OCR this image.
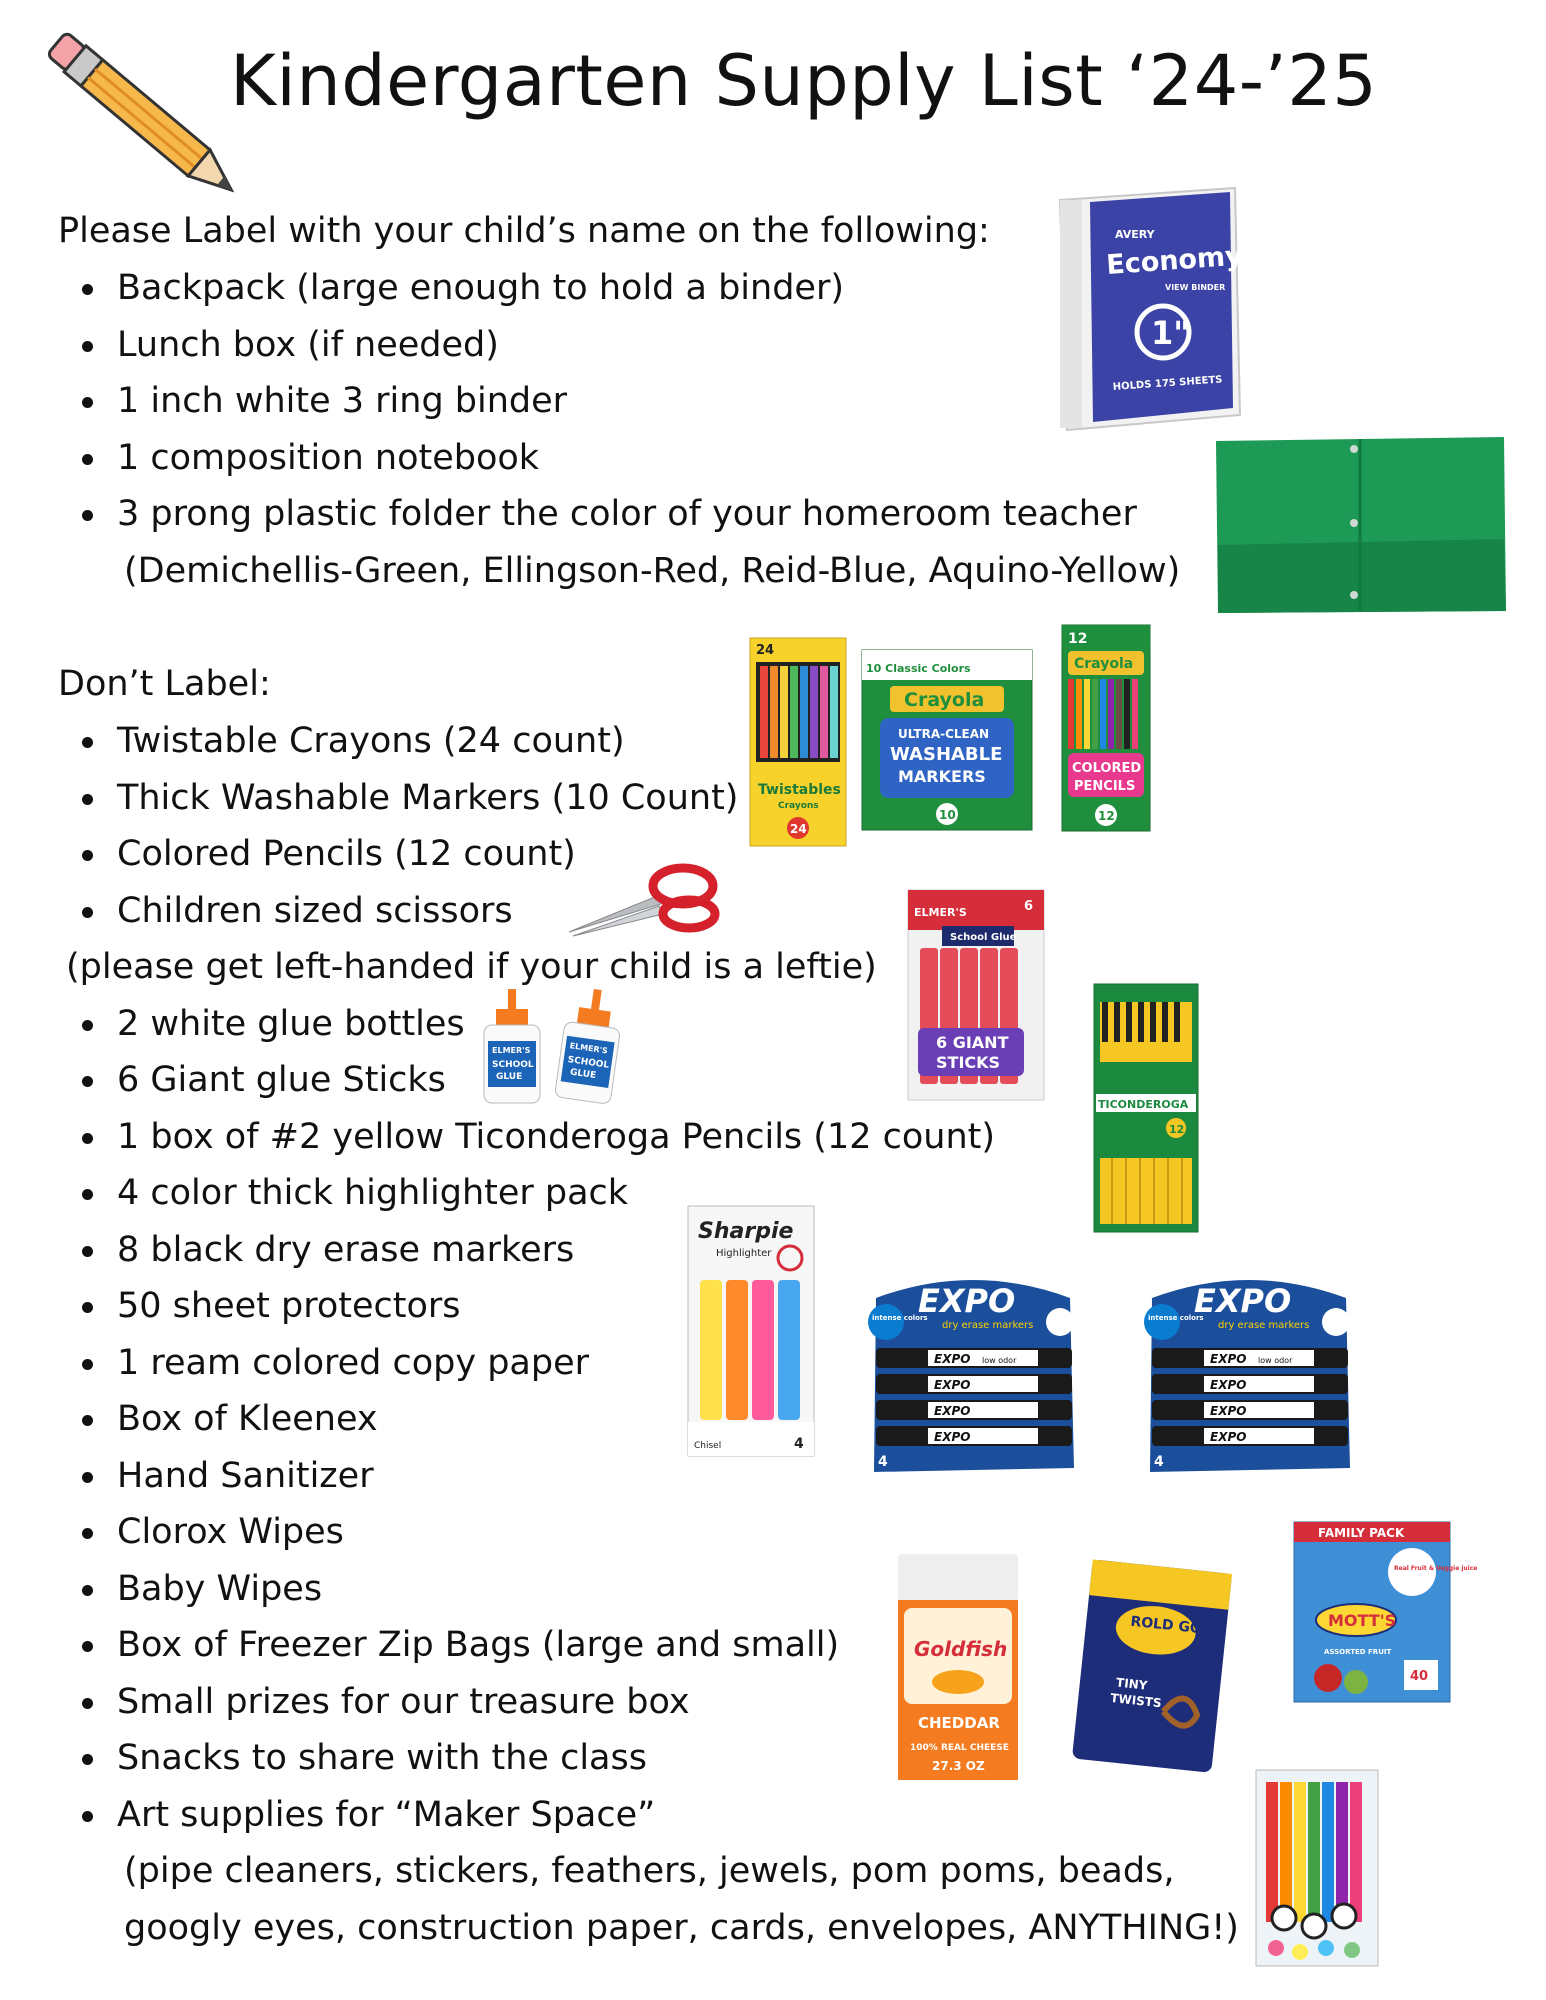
Kindergarten Supply List ‘24-’25
Please Label with your child’s name on the following:
Backpack (large enough to hold a binder)
Lunch box (if needed)
1 inch white 3 ring binder
1 composition notebook
3 prong plastic folder the color of your homeroom teacher
(Demichellis-Green, Ellingson-Red, Reid-Blue, Aquino-Yellow)
Don’t Label:
Twistable Crayons (24 count)
Thick Washable Markers (10 Count)
Colored Pencils (12 count)
Children sized scissors
(please get left-handed if your child is a leftie)
2 white glue bottles
6 Giant glue Sticks
1 box of #2 yellow Ticonderoga Pencils (12 count)
4 color thick highlighter pack
8 black dry erase markers
50 sheet protectors
1 ream colored copy paper
Box of Kleenex
Hand Sanitizer
Clorox Wipes
Baby Wipes
Box of Freezer Zip Bags (large and small)
Small prizes for our treasure box
Snacks to share with the class
Art supplies for “Maker Space”
(pipe cleaners, stickers, feathers, jewels, pom poms, beads,
googly eyes, construction paper, cards, envelopes, ANYTHING!)
AVERY
Economy
VIEW BINDER
1"
HOLDS 175 SHEETS
24
Twistables
Crayons
24
10 Classic Colors
Crayola
ULTRA-CLEAN
WASHABLE
MARKERS
10
12
Crayola
COLORED
PENCILS
12
ELMER'S	6
School Glue
6 GIANT
STICKS
ELMER'S
SCHOOL
GLUE
ELMER'S
SCHOOL
GLUE
TICONDEROGA
12
Sharpie
Highlighter
Chisel	4
EXPO
dry erase markers
intense colors
EXPO
EXPO
EXPO
EXPO
low odor
4
EXPO
dry erase markers
intense colors
EXPO
EXPO
EXPO
EXPO
low odor
4
Goldfish
CHEDDAR
100% REAL CHEESE
27.3 OZ
ROLD GOLD
TINY
TWISTS
FAMILY PACK
Real Fruit & Veggie juice
MOTT'S
ASSORTED FRUIT
40
